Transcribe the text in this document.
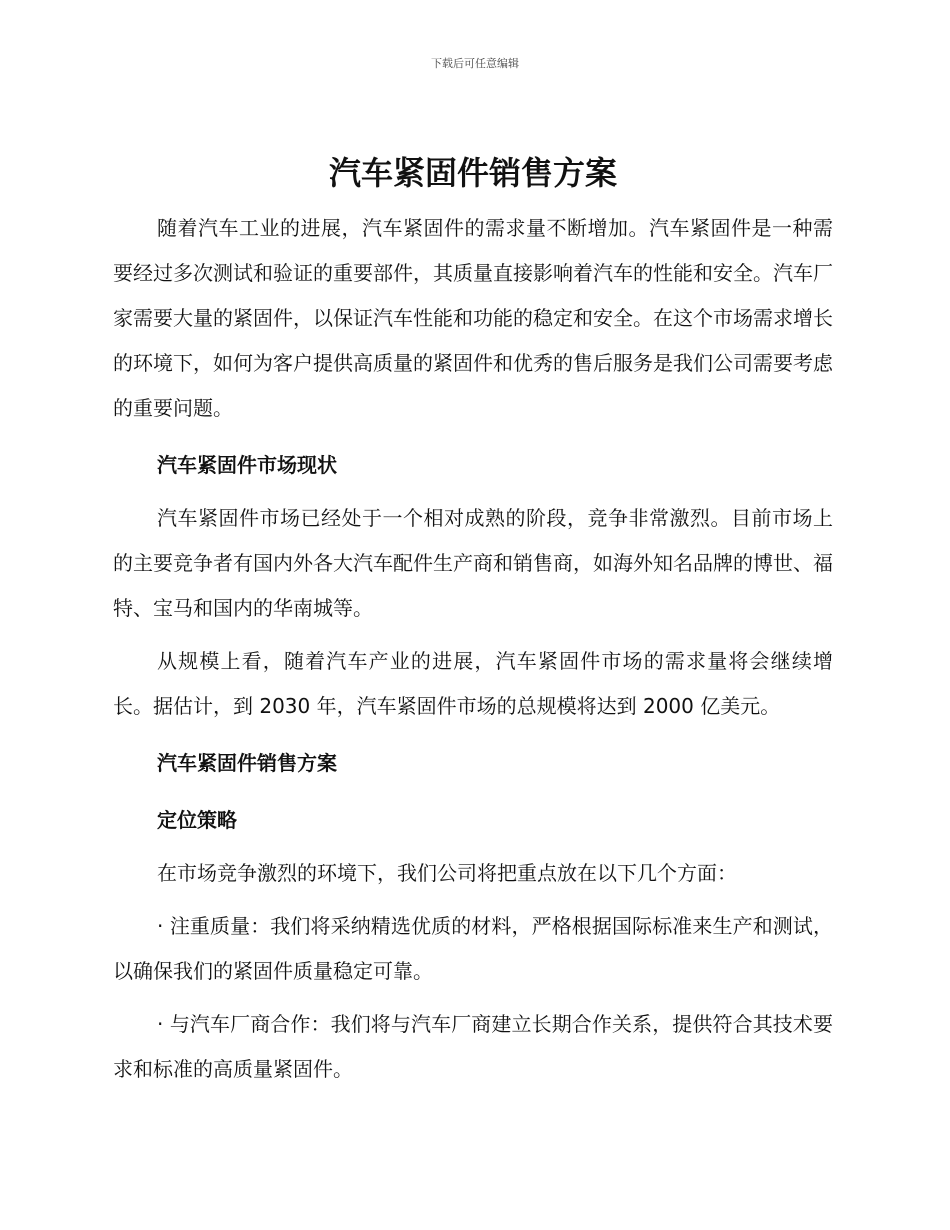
下载后可任意编辑
汽车紧固件销售方案

随着汽车工业的进展，汽车紧固件的需求量不断增加。汽车紧固件是一种需要经过多次测试和验证的重要部件，其质量直接影响着汽车的性能和安全。汽车厂家需要大量的紧固件，以保证汽车性能和功能的稳定和安全。在这个市场需求增长的环境下，如何为客户提供高质量的紧固件和优秀的售后服务是我们公司需要考虑的重要问题。

汽车紧固件市场现状

汽车紧固件市场已经处于一个相对成熟的阶段，竞争非常激烈。目前市场上的主要竞争者有国内外各大汽车配件生产商和销售商，如海外知名品牌的博世、福特、宝马和国内的华南城等。

从规模上看，随着汽车产业的进展，汽车紧固件市场的需求量将会继续增长。据估计，到 2030 年，汽车紧固件市场的总规模将达到 2000 亿美元。

汽车紧固件销售方案

定位策略

在市场竞争激烈的环境下，我们公司将把重点放在以下几个方面：

· 注重质量：我们将采纳精选优质的材料，严格根据国际标准来生产和测试，以确保我们的紧固件质量稳定可靠。

· 与汽车厂商合作：我们将与汽车厂商建立长期合作关系，提供符合其技术要求和标准的高质量紧固件。
